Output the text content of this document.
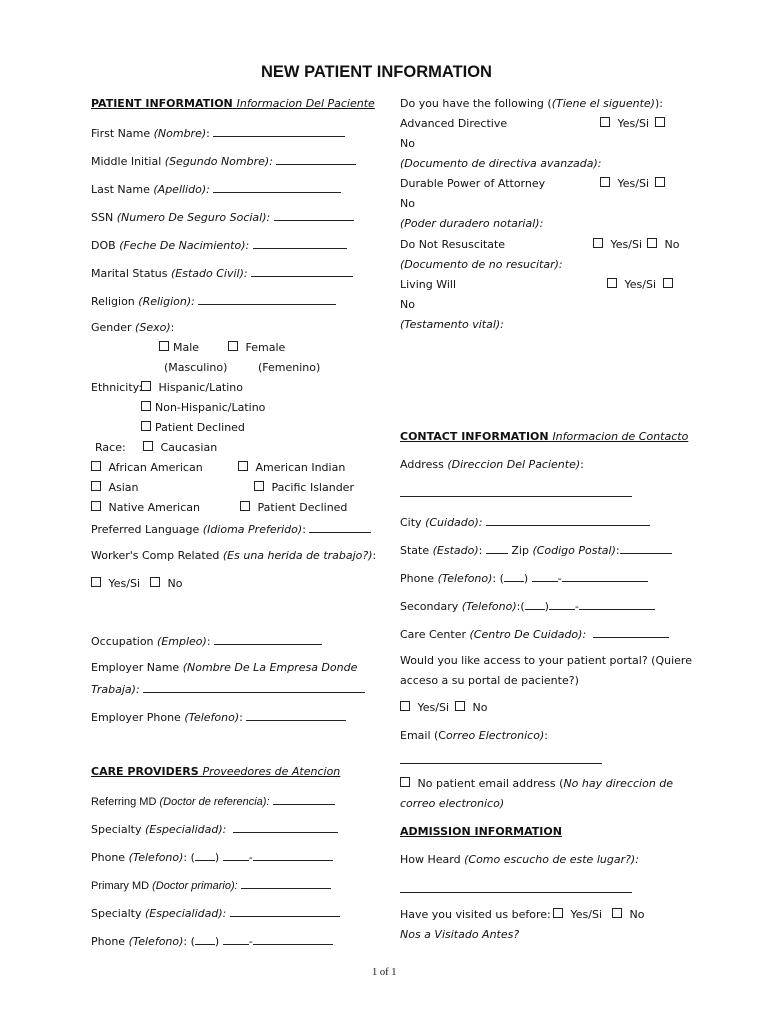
NEW PATIENT INFORMATION
PATIENT INFORMATION Informacion Del Paciente
First Name (Nombre):
Middle Initial (Segundo Nombre):
Last Name (Apellido):
SSN (Numero De Seguro Social):
DOB (Feche De Nacimiento):
Marital Status (Estado Civil):
Religion (Religion):
Gender (Sexo):
Male	Female
(Masculino)	(Femenino)
Ethnicity:	Hispanic/Latino
Non-Hispanic/Latino
Patient Declined
Race:	Caucasian
African American	American Indian
Asian	Pacific Islander
Native American	Patient Declined
Preferred Language (Idioma Preferido):
Worker's Comp Related (Es una herida de trabajo?):
Yes/Si	No
Occupation (Empleo):
Employer Name (Nombre De La Empresa Donde
Trabaja):
Employer Phone (Telefono):
CARE PROVIDERS Proveedores de Atencion
Referring MD (Doctor de referencia):
Specialty (Especialidad):
Phone (Telefono): ( ) -
Primary MD (Doctor primario):
Specialty (Especialidad):
Phone (Telefono): ( ) -
Do you have the following ((Tiene el siguente)):
Advanced Directive	Yes/Si
No
(Documento de directiva avanzada):
Durable Power of Attorney	Yes/Si
No
(Poder duradero notarial):
Do Not Resuscitate	Yes/Si	No
(Documento de no resucitar):
Living Will	Yes/Si
No
(Testamento vital):
CONTACT INFORMATION Informacion de Contacto
Address (Direccion Del Paciente):
City (Cuidado):
State (Estado):  Zip (Codigo Postal):
Phone (Telefono): ( ) -
Secondary (Telefono):( ) -
Care Center (Centro De Cuidado):
Would you like access to your patient portal? (Quiere
acceso a su portal de paciente?)
Yes/Si	No
Email (Correo Electronico):
No patient email address (No hay direccion de
correo electronico)
ADMISSION INFORMATION
How Heard (Como escucho de este lugar?):
Have you visited us before:	Yes/Si	No
Nos a Visitado Antes?
1 of 1
